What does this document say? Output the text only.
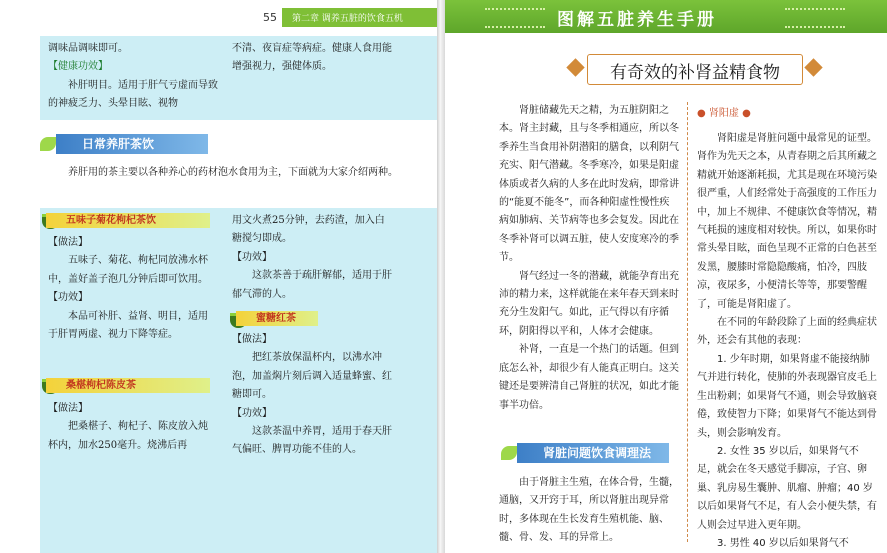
55 第二章 调养五脏的饮食五机

调味品调味即可。

【健康功效】

补肝明目。适用于肝气亏虚而导致的神疲乏力、头晕目眩、视物

不清、夜盲症等病症。健康人食用能增强视力，强健体质。

日常养肝茶饮

养肝用的茶主要以各种养心的药材泡水食用为主，下面就为大家介绍两种。

五味子菊花枸杞茶饮

【做法】

五味子、菊花、枸杞同放沸水杯中，盖好盖子泡几分钟后即可饮用。

【功效】

本品可补肝、益肾、明目，适用于肝胃两虚、视力下降等症。

用文火煮25分钟，去药渣，加入白糖搅匀即成。

【功效】

这款茶善于疏肝解郁，适用于肝郁气滞的人。

蜜糖红茶

【做法】

把红茶放保温杯内，以沸水冲泡，加盖焖片刻后调入适量蜂蜜、红糖即可。

【功效】

这款茶温中养胃，适用于春天肝气偏旺、脾胃功能不佳的人。

桑椹枸杞陈皮茶

【做法】

把桑椹子、枸杞子、陈皮放入炖杯内，加水250毫升。烧沸后再

图解五脏养生手册
有奇效的补肾益精食物

肾脏储藏先天之精，为五脏阴阳之本。肾主封藏，且与冬季相通应，所以冬季养生当食用补阴潜阳的膳食，以利阴气充实、阳气潜藏。冬季寒冷，如果是阳虚体质或者久病的人多在此时发病，即常讲的“能夏不能冬”，而各种阳虚性慢性疾病如肺病、关节病等也多会复发。因此在冬季补肾可以调五脏，使人安度寒冷的季节。

肾气经过一冬的潜藏，就能孕育出充沛的精力来，这样就能在来年春天到来时充分生发阳气。如此，正气得以有序循环，阴阳得以平和，人体才会健康。

补肾，一直是一个热门的话题。但到底怎么补，却很少有人能真正明白。这关键还是要辨清自己肾脏的状况，如此才能事半功倍。

肾脏问题饮食调理法

由于肾脏主生殖，在体合骨，生髓，通脑，又开窍于耳，所以肾脏出现异常时，多体现在生长发育生殖机能、脑、髓、骨、发、耳的异常上。

● 肾阳虚 ●

肾阳虚是肾脏问题中最常见的证型。肾作为先天之本，从青春期之后其所藏之精就开始逐渐耗损，尤其是现在环境污染很严重，人们经常处于高强度的工作压力中，加上不规律、不健康饮食等情况，精气耗损的速度相对较快。所以，如果你时常头晕目眩，面色呈现不正常的白色甚至发黑，腰膝时常隐隐酸痛，怕冷，四肢凉，夜尿多，小便清长等等，那要警醒了，可能是肾阳虚了。

在不同的年龄段除了上面的经典症状外，还会有其他的表现：

1. 少年时期，如果肾虚不能接纳肺气并进行转化，使肺的外表现器官皮毛上生出粉刺；如果肾气不通，则会导致脑衰倦，致使智力下降；如果肾气不能达到骨头，则会影响发育。

2. 女性 35 岁以后，如果肾气不足，就会在冬天感觉手脚凉，子宫、卵巢、乳房易生囊肿、肌瘤、肿瘤；40 岁以后如果肾气不足，有人会小便失禁，有人则会过早进入更年期。

3. 男性 40 岁以后如果肾气不
